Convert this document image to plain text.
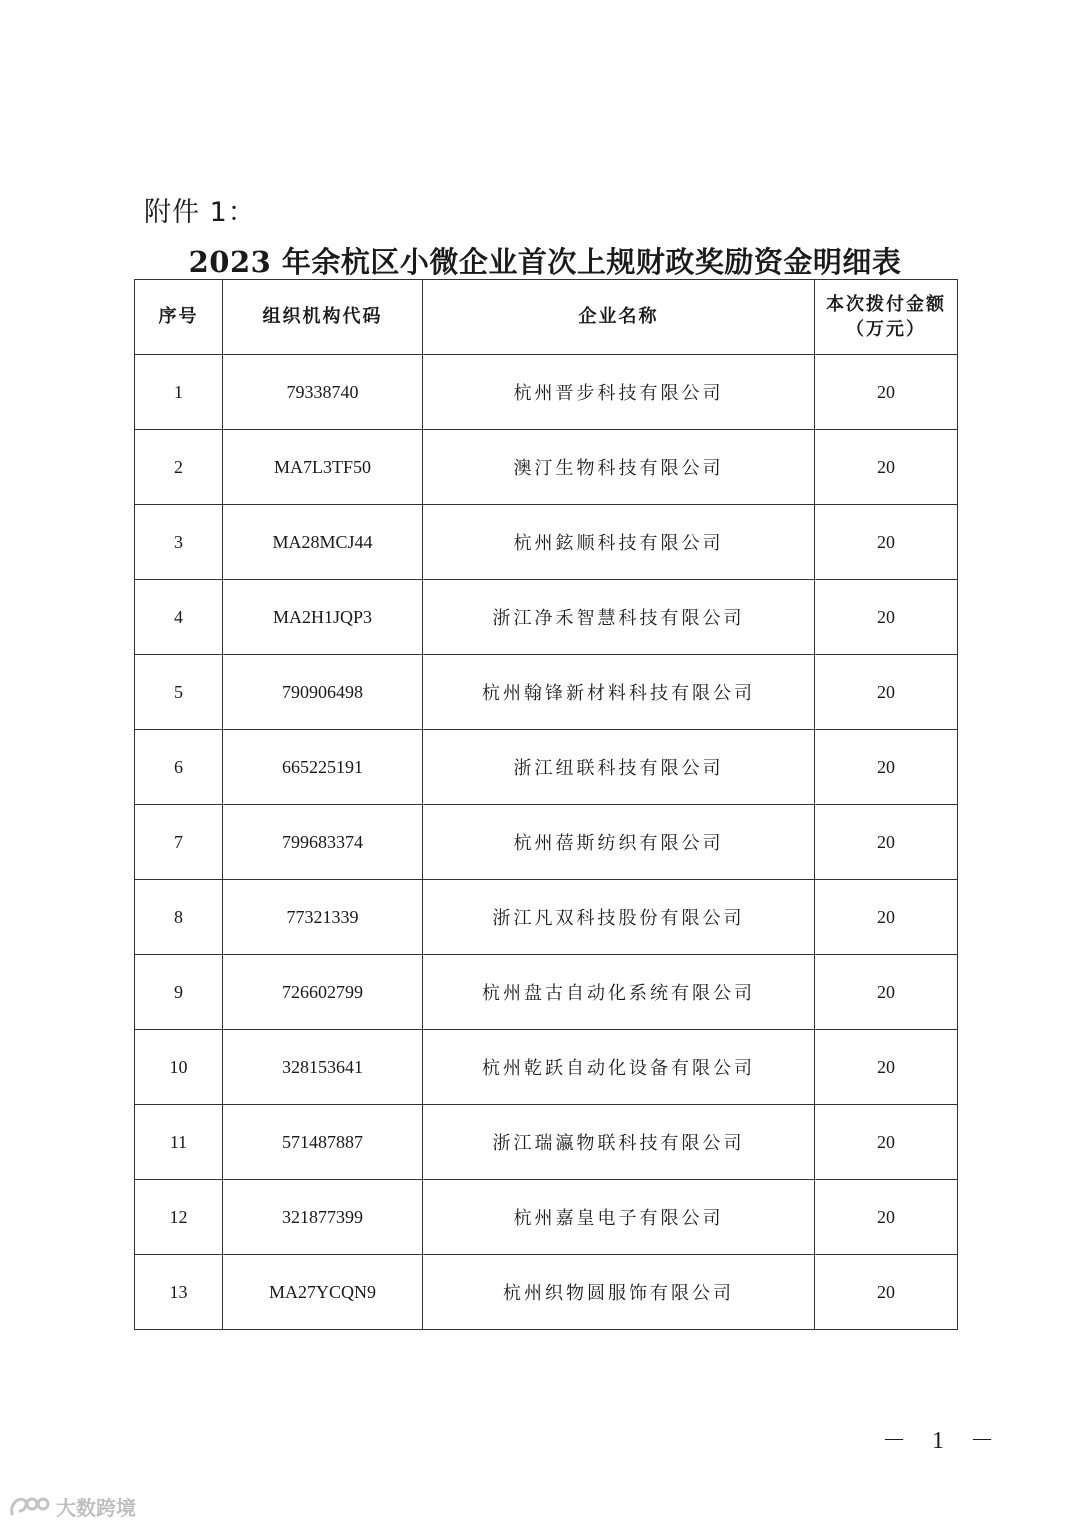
附件 1：
2023 年余杭区小微企业首次上规财政奖励资金明细表
序号	组织机构代码	企业名称	本次拨付金额
（万元）

1	79338740	杭州晋步科技有限公司	20
2	MA7L3TF50	澳汀生物科技有限公司	20
3	MA28MCJ44	杭州鉉顺科技有限公司	20
4	MA2H1JQP3	浙江净禾智慧科技有限公司	20
5	790906498	杭州翰锋新材料科技有限公司	20
6	665225191	浙江纽联科技有限公司	20
7	799683374	杭州蓓斯纺织有限公司	20
8	77321339	浙江凡双科技股份有限公司	20
9	726602799	杭州盘古自动化系统有限公司	20
10	328153641	杭州乾跃自动化设备有限公司	20
11	571487887	浙江瑞瀛物联科技有限公司	20
12	321877399	杭州嘉皇电子有限公司	20
13	MA27YCQN9	杭州织物圆服饰有限公司	20
－ 1 －
大数跨境
